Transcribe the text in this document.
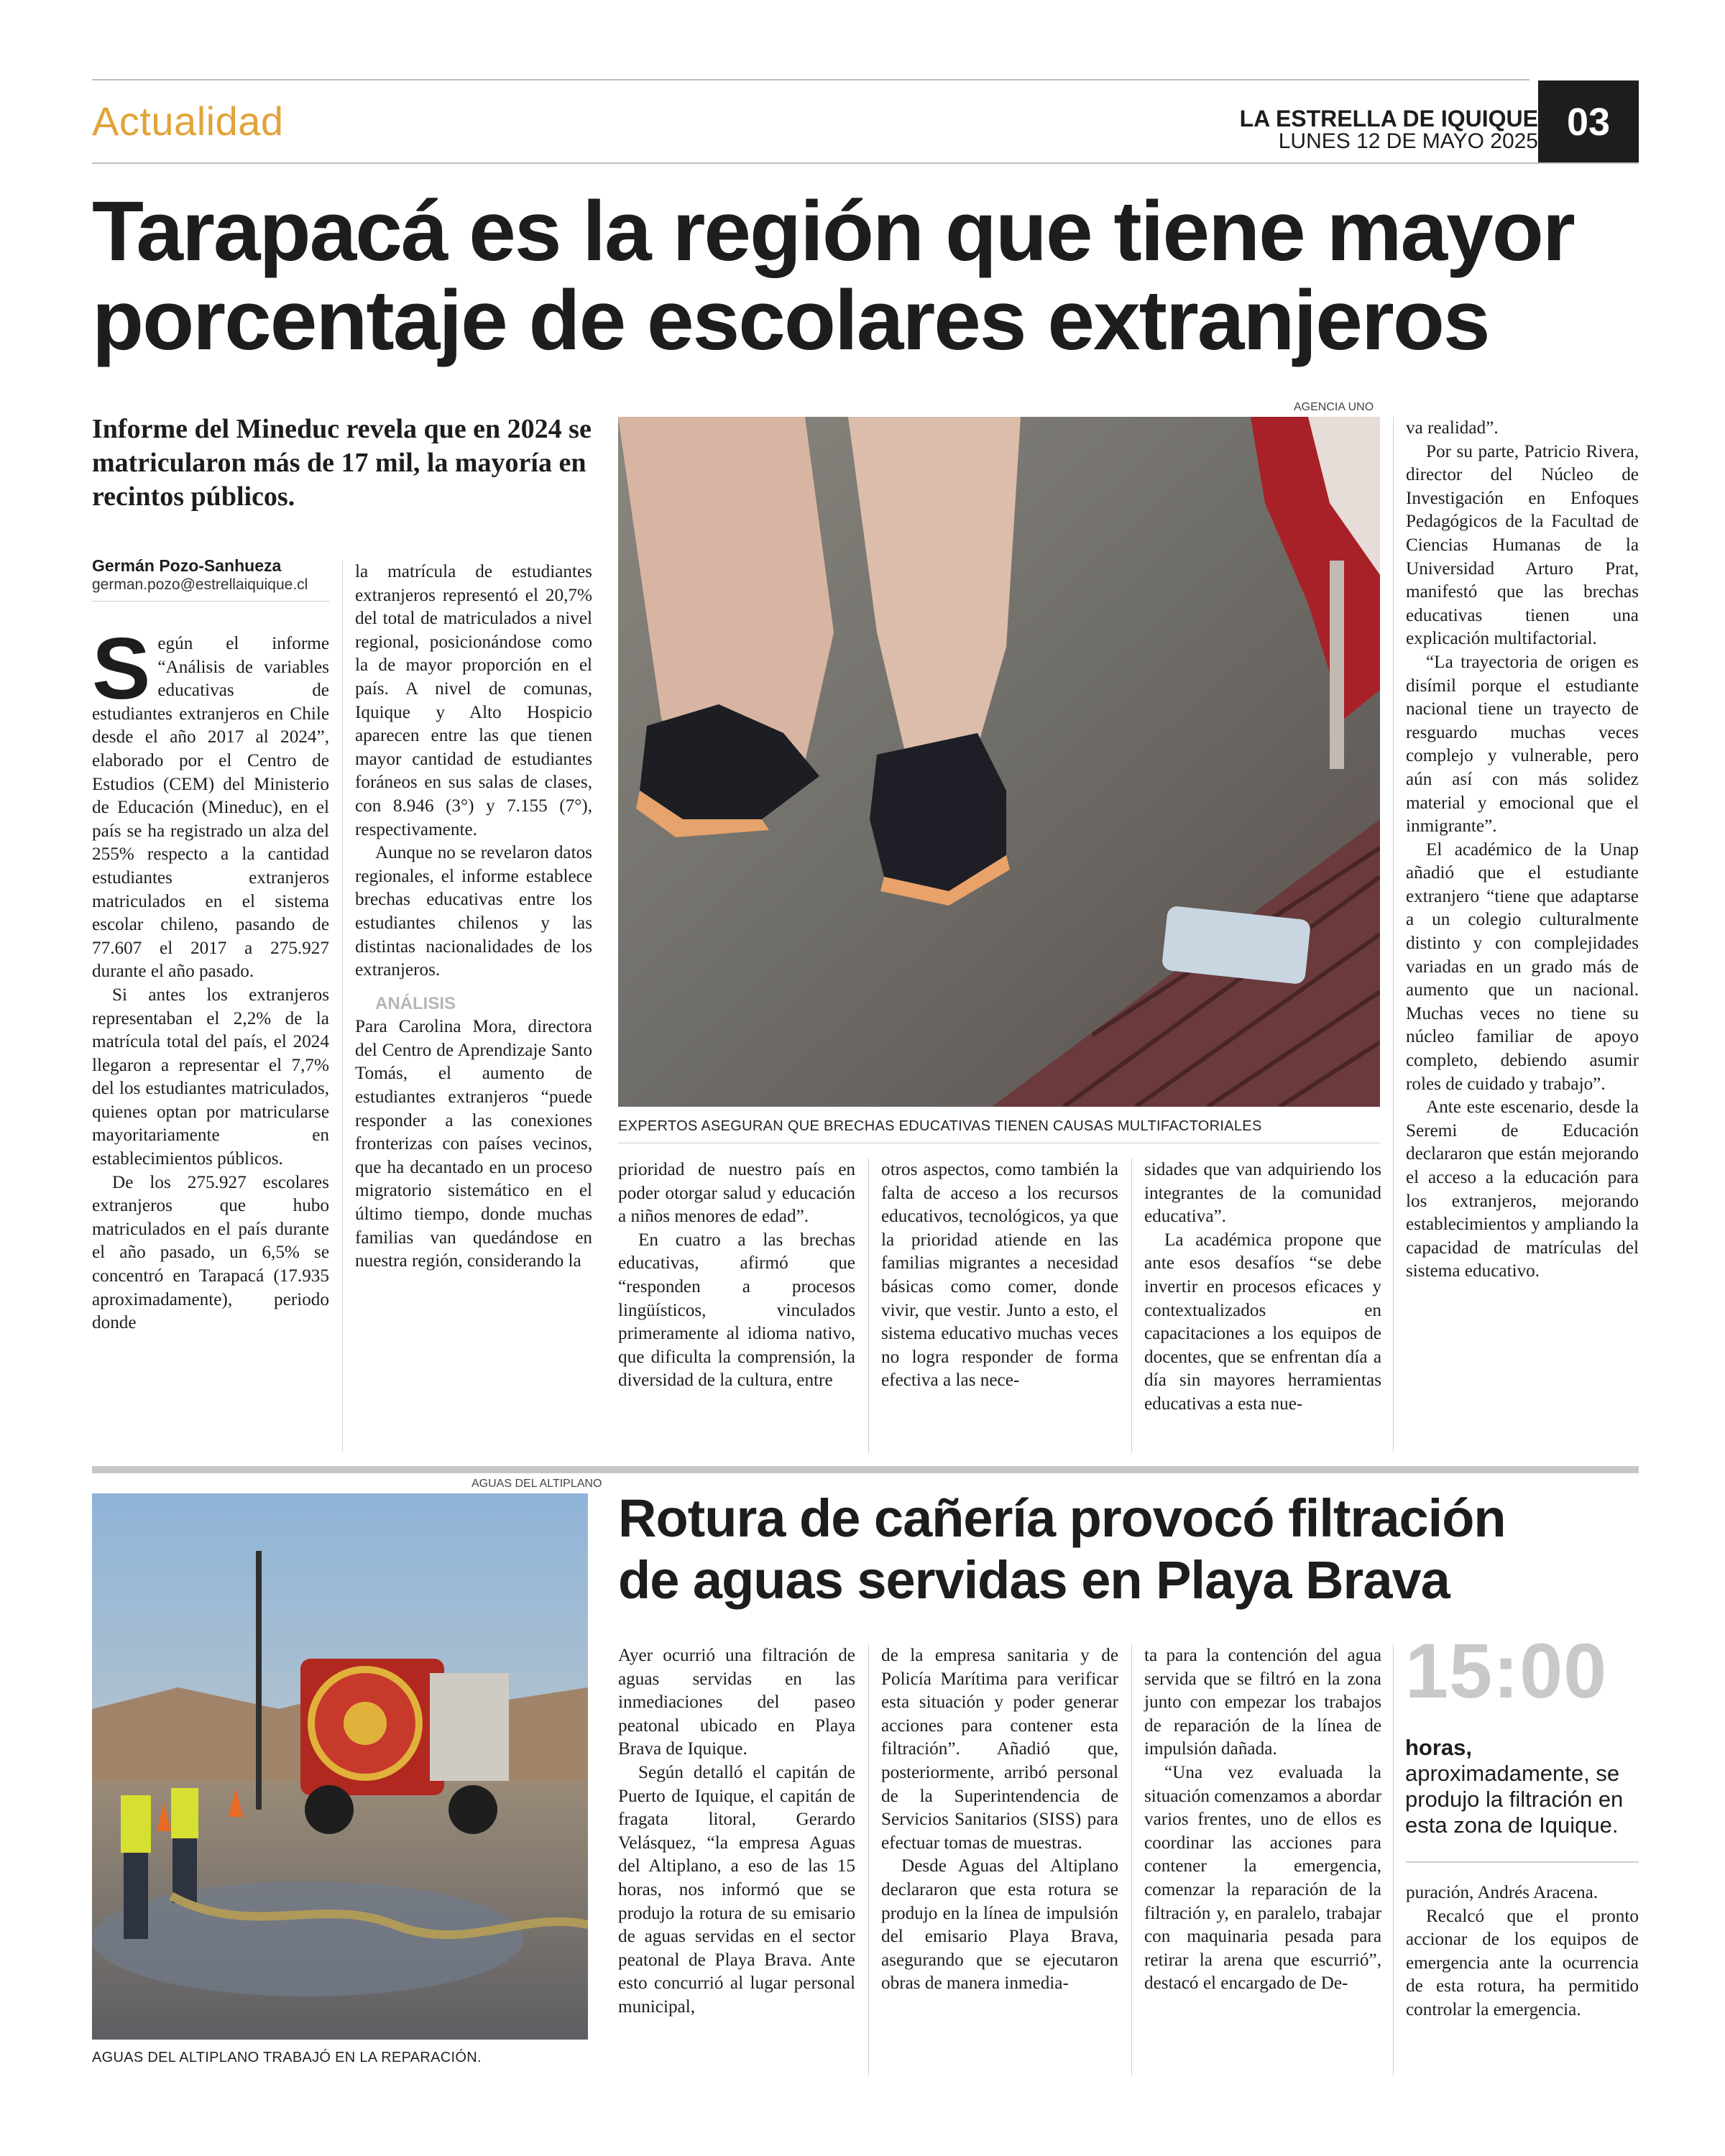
Actualidad	LA ESTRELLA DE IQUIQUE
LUNES 12 DE MAYO 2025 03
Tarapacá es la región que tiene mayor
porcentaje de escolares extranjeros
Informe del Mineduc revela que en 2024 se matricularon más de 17 mil, la mayoría en recintos públicos.
Germán Pozo-Sanhueza
german.pozo@estrellaiquique.cl

Según el informe “Análisis de variables educativas de estudiantes extranjeros en Chile desde el año 2017 al 2024”, elaborado por el Centro de Estudios (CEM) del Ministerio de Educación (Mineduc), en el país se ha registrado un alza del 255% respecto a la cantidad estudiantes extranjeros matriculados en el sistema escolar chileno, pasando de 77.607 el 2017 a 275.927 durante el año pasado.

Si antes los extranjeros representaban el 2,2% de la matrícula total del país, el 2024 llegaron a representar el 7,7% del los estudiantes matriculados, quienes optan por matricularse mayoritariamente en establecimientos públicos.

De los 275.927 escolares extranjeros que hubo matriculados en el país durante el año pasado, un 6,5% se concentró en Tarapacá (17.935 aproximadamente), periodo donde

la matrícula de estudiantes extranjeros representó el 20,7% del total de matriculados a nivel regional, posicionándose como la de mayor proporción en el país. A nivel de comunas, Iquique y Alto Hospicio aparecen entre las que tienen mayor cantidad de estudiantes foráneos en sus salas de clases, con 8.946 (3°) y 7.155 (7°), respectivamente.

Aunque no se revelaron datos regionales, el informe establece brechas educativas entre los estudiantes chilenos y las distintas nacionalidades de los extranjeros.

ANÁLISIS

Para Carolina Mora, directora del Centro de Aprendizaje Santo Tomás, el aumento de estudiantes extranjeros “puede responder a las conexiones fronterizas con países vecinos, que ha decantado en un proceso migratorio sistemático en el último tiempo, donde muchas familias van quedándose en nuestra región, considerando la

AGENCIA UNO
EXPERTOS ASEGURAN QUE BRECHAS EDUCATIVAS TIENEN CAUSAS MULTIFACTORIALES

prioridad de nuestro país en poder otorgar salud y educación a niños menores de edad”.

En cuatro a las brechas educativas, afirmó que “responden a procesos lingüísticos, vinculados primeramente al idioma nativo, que dificulta la comprensión, la diversidad de la cultura, entre

otros aspectos, como también la falta de acceso a los recursos educativos, tecnológicos, ya que la prioridad atiende en las familias migrantes a necesidad básicas como comer, donde vivir, que vestir. Junto a esto, el sistema educativo muchas veces no logra responder de forma efectiva a las nece-

sidades que van adquiriendo los integrantes de la comunidad educativa”.

La académica propone que ante esos desafíos “se debe invertir en procesos eficaces y contextualizados en capacitaciones a los equipos de docentes, que se enfrentan día a día sin mayores herramientas educativas a esta nue-

va realidad”.

Por su parte, Patricio Rivera, director del Núcleo de Investigación en Enfoques Pedagógicos de la Facultad de Ciencias Humanas de la Universidad Arturo Prat, manifestó que las brechas educativas tienen una explicación multifactorial.

“La trayectoria de origen es disímil porque el estudiante nacional tiene un trayecto de resguardo muchas veces complejo y vulnerable, pero aún así con más solidez material y emocional que el inmigrante”.

El académico de la Unap añadió que el estudiante extranjero “tiene que adaptarse a un colegio culturalmente distinto y con complejidades variadas en un grado más de aumento que un nacional. Muchas veces no tiene su núcleo familiar de apoyo completo, debiendo asumir roles de cuidado y trabajo”.

Ante este escenario, desde la Seremi de Educación declararon que están mejorando el acceso a la educación para los extranjeros, mejorando establecimientos y ampliando la capacidad de matrículas del sistema educativo.

AGUAS DEL ALTIPLANO
AGUAS DEL ALTIPLANO TRABAJÓ EN LA REPARACIÓN.
Rotura de cañería provocó filtración
de aguas servidas en Playa Brava

Ayer ocurrió una filtración de aguas servidas en las inmediaciones del paseo peatonal ubicado en Playa Brava de Iquique.

Según detalló el capitán de Puerto de Iquique, el capitán de fragata litoral, Gerardo Velásquez, “la empresa Aguas del Altiplano, a eso de las 15 horas, nos informó que se produjo la rotura de su emisario de aguas servidas en el sector peatonal de Playa Brava. Ante esto concurrió al lugar personal municipal,

de la empresa sanitaria y de Policía Marítima para verificar esta situación y poder generar acciones para contener esta filtración”. Añadió que, posteriormente, arribó personal de la Superintendencia de Servicios Sanitarios (SISS) para efectuar tomas de muestras.

Desde Aguas del Altiplano declararon que esta rotura se produjo en la línea de impulsión del emisario Playa Brava, asegurando que se ejecutaron obras de manera inmedia-

ta para la contención del agua servida que se filtró en la zona junto con empezar los trabajos de reparación de la línea de impulsión dañada.

“Una vez evaluada la situación comenzamos a abordar varios frentes, uno de ellos es coordinar las acciones para contener la emergencia, comenzar la reparación de la filtración y, en paralelo, trabajar con maquinaria pesada para retirar la arena que escurrió”, destacó el encargado de De-

15:00
horas, aproximadamente, se produjo la filtración en esta zona de Iquique.

puración, Andrés Aracena.

Recalcó que el pronto accionar de los equipos de emergencia ante la ocurrencia de esta rotura, ha permitido controlar la emergencia.
